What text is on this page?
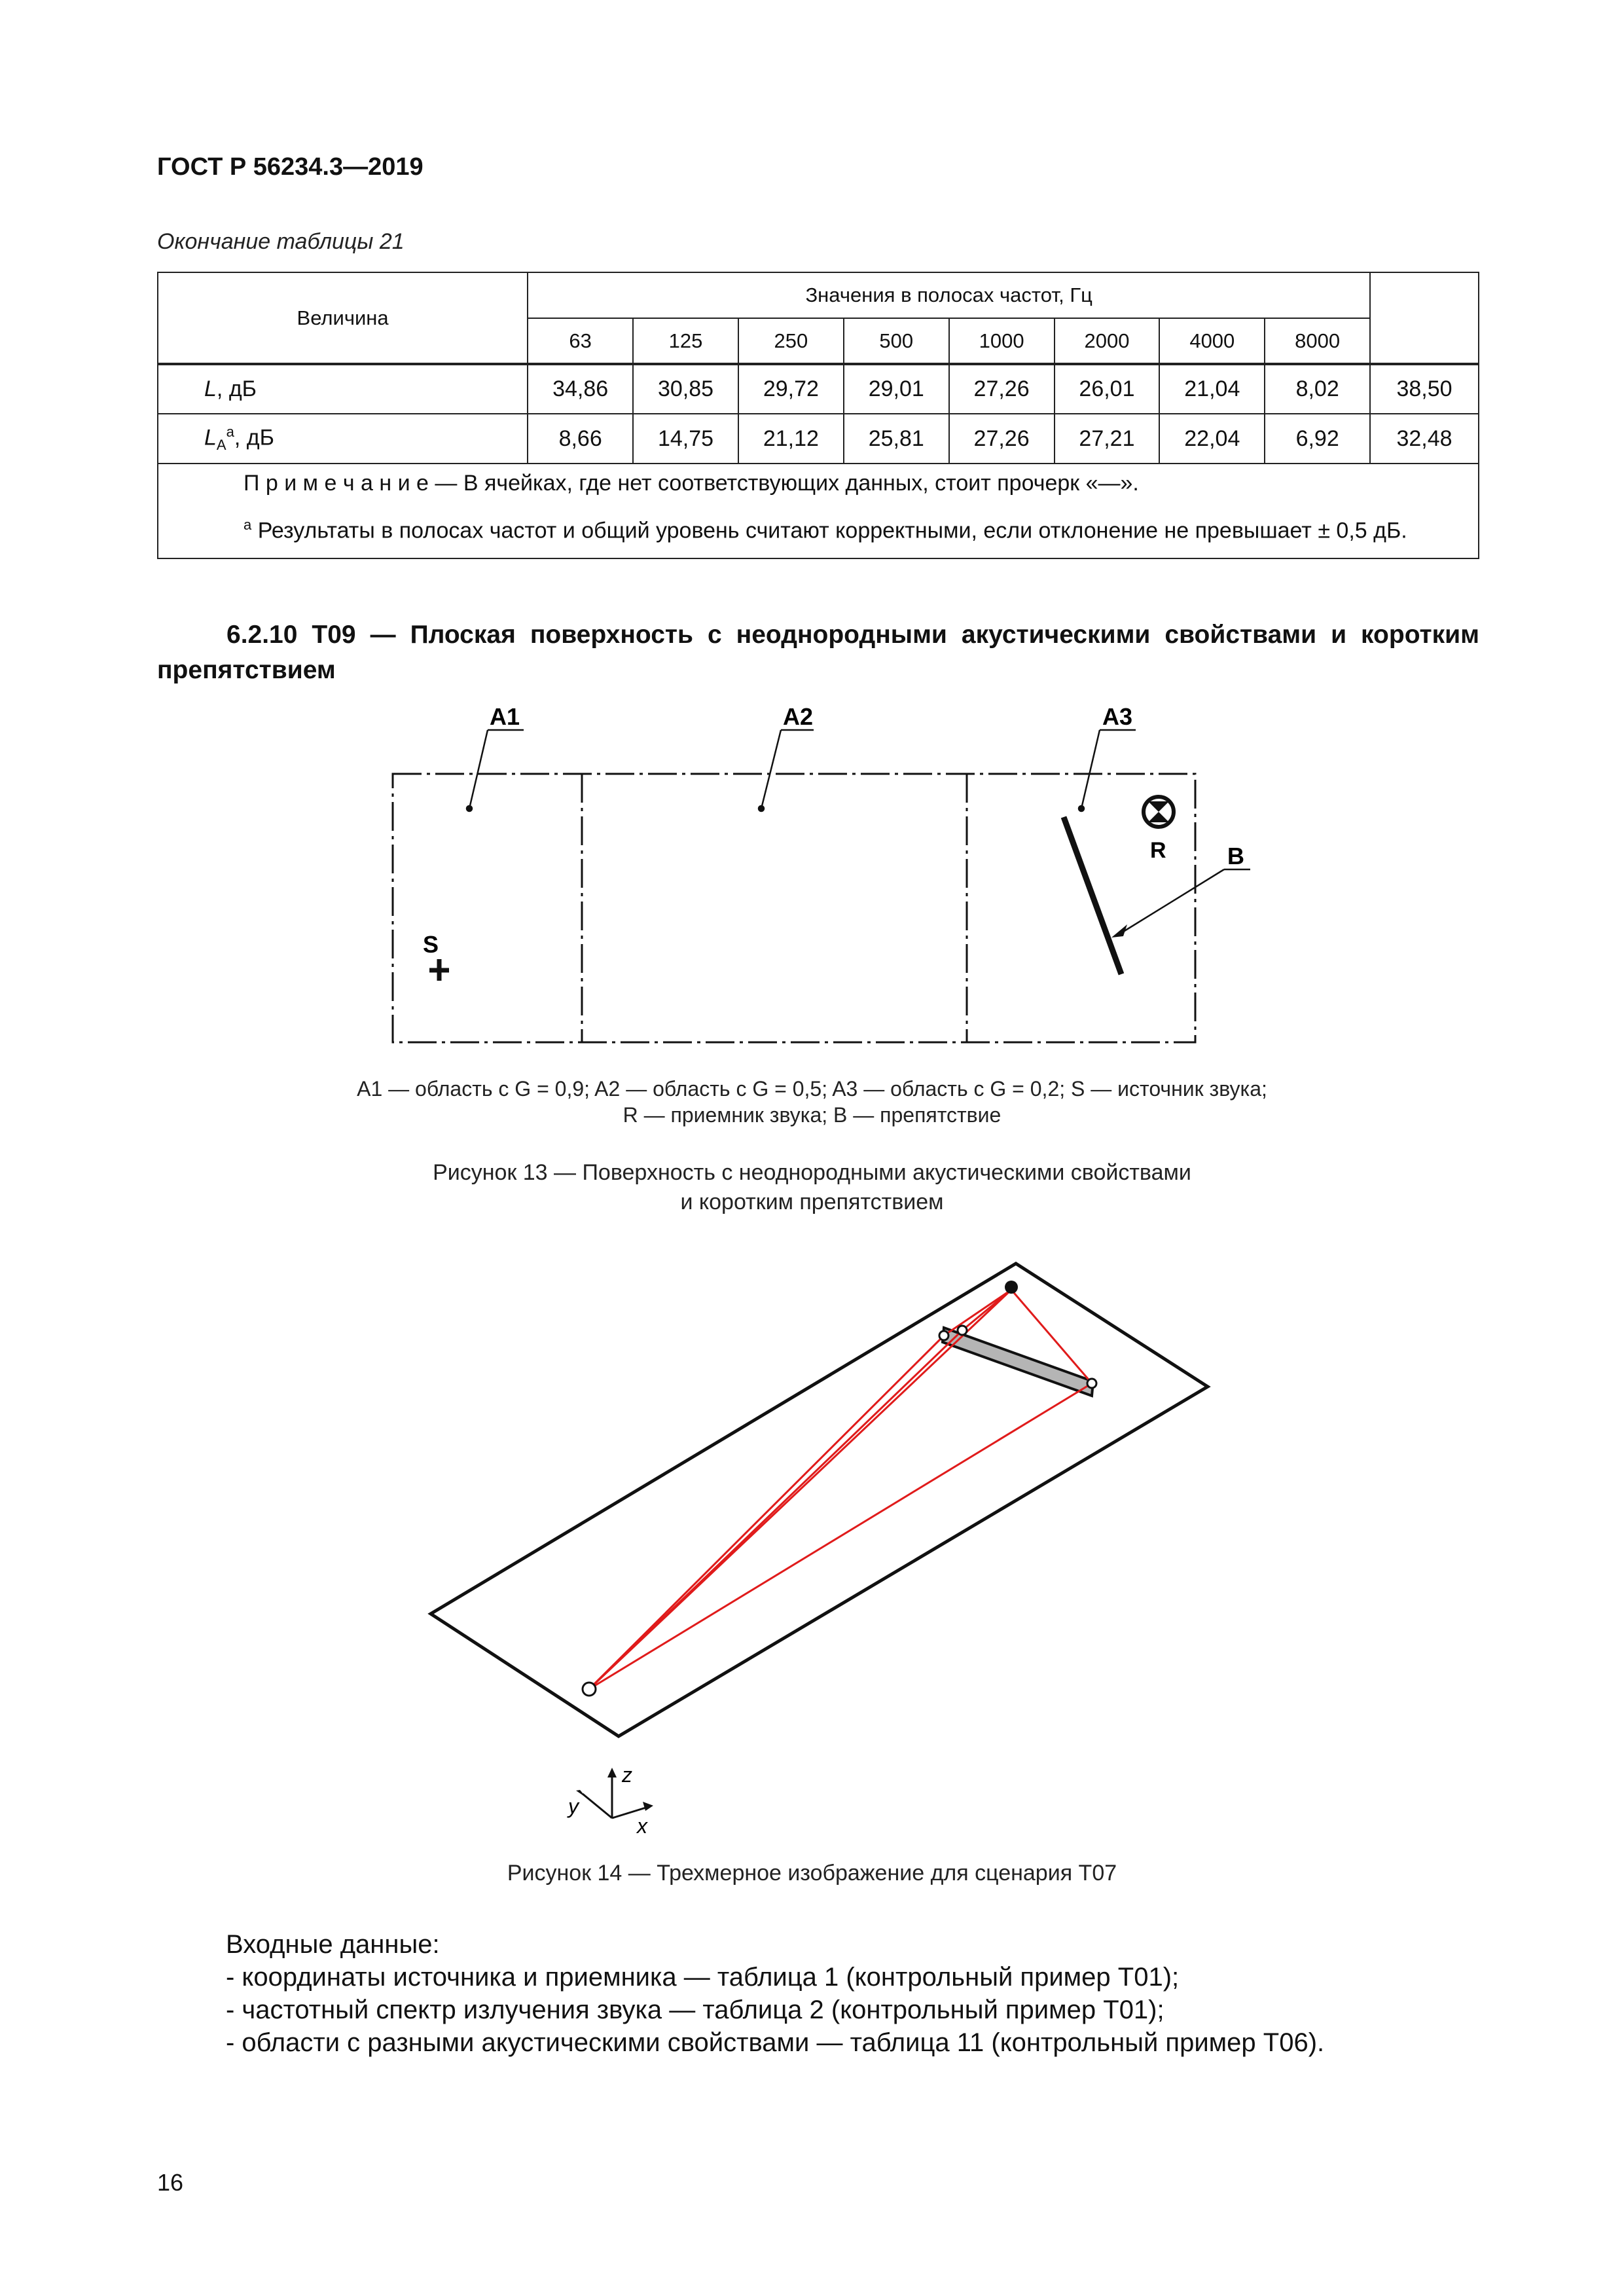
ГОСТ Р 56234.3—2019
Окончание таблицы 21
Величина	Значения в полосах частот, Гц								
	63	125	250	500	1000	2000	4000	8000	
L, дБ	34,86	30,85	29,72	29,01	27,26	26,01	21,04	8,02	38,50
$L_A^a$, дБ	8,66	14,75	21,12	25,81	27,26	27,21	22,04	6,92	32,48

П р и м е ч а н и е — В ячейках, где нет соответствующих данных, стоит прочерк «—».
$^a$ Результаты в полосах частот и общий уровень считают корректными, если отклонение не превышает ± 0,5 дБ.									
6.2.10 T09 — Плоская поверхность с неоднородными акустическими свойствами и коротким препятствием
A1	A2	A3
R	B
S
A1 — область с G = 0,9; A2 — область с G = 0,5; A3 — область с G = 0,2; S — источник звука;
R — приемник звука; B — препятствие
Рисунок 13 — Поверхность с неоднородными акустическими свойствами
и коротким препятствием
z
y
x
Рисунок 14 — Трехмерное изображение для сценария T07
Входные данные:
- координаты источника и приемника — таблица 1 (контрольный пример T01);
- частотный спектр излучения звука — таблица 2 (контрольный пример T01);
- области с разными акустическими свойствами — таблица 11 (контрольный пример T06).
16
